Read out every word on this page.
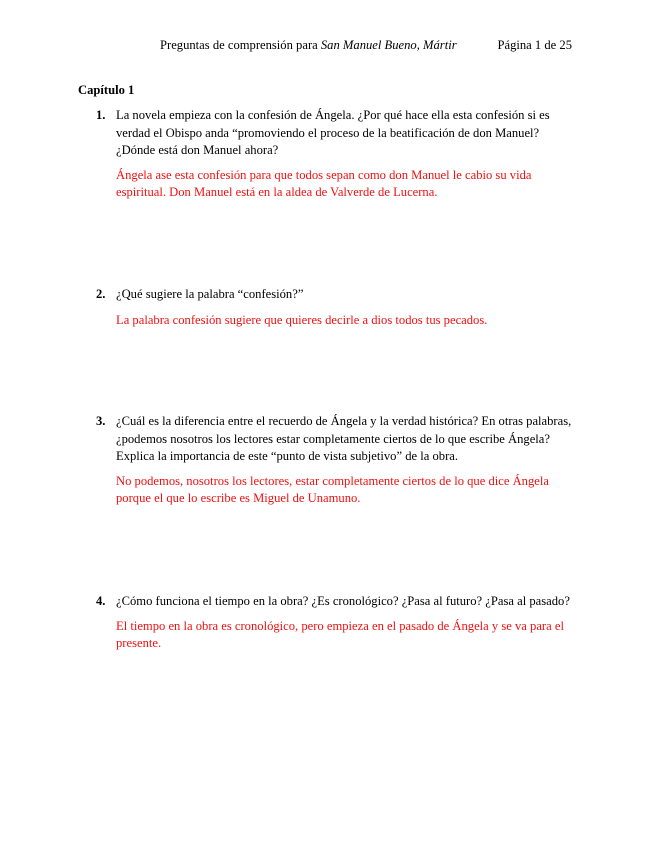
Preguntas de comprensión para San Manuel Bueno, Mártir	Página 1 de 25
Capítulo 1
1. La novela empieza con la confesión de Ángela. ¿Por qué hace ella esta confesión si es verdad el Obispo anda “promoviendo el proceso de la beatificación de don Manuel? ¿Dónde está don Manuel ahora?
Ángela ase esta confesión para que todos sepan como don Manuel le cabio su vida espiritual. Don Manuel está en la aldea de Valverde de Lucerna.
2. ¿Qué sugiere la palabra “confesión?”
La palabra confesión sugiere que quieres decirle a dios todos tus pecados.
3. ¿Cuál es la diferencia entre el recuerdo de Ángela y la verdad histórica? En otras palabras, ¿podemos nosotros los lectores estar completamente ciertos de lo que escribe Ángela? Explica la importancia de este “punto de vista subjetivo” de la obra.
No podemos, nosotros los lectores, estar completamente ciertos de lo que dice Ángela porque el que lo escribe es Miguel de Unamuno.
4. ¿Cómo funciona el tiempo en la obra? ¿Es cronológico? ¿Pasa al futuro? ¿Pasa al pasado?
El tiempo en la obra es cronológico, pero empieza en el pasado de Ángela y se va para el presente.
